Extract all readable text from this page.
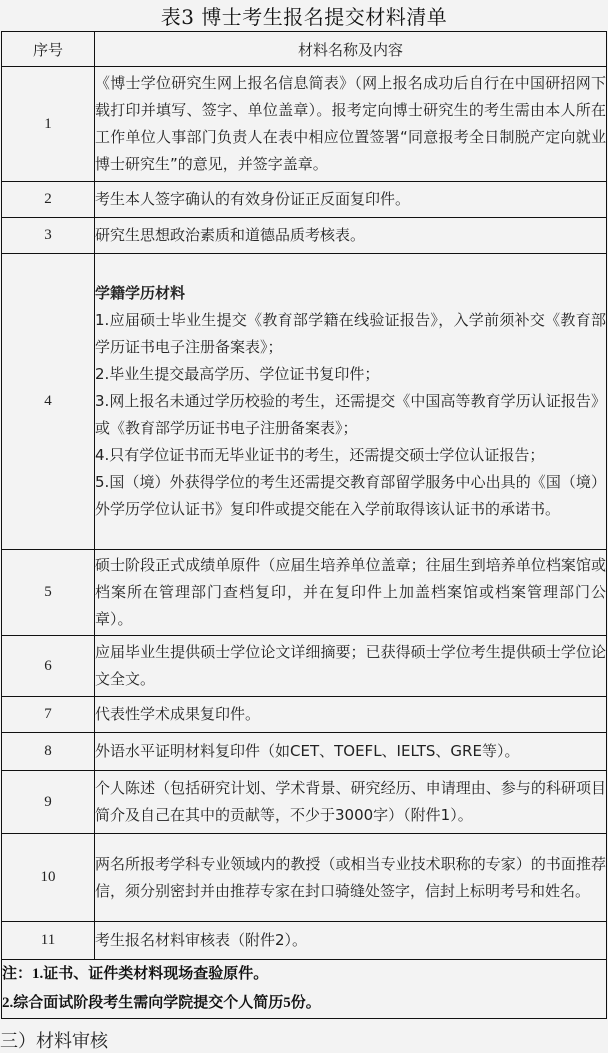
表3 博士考生报名提交材料清单
序号	材料名称及内容
1	《博士学位研究生网上报名信息简表》（网上报名成功后自行在中国研招网下载打印并填写、签字、单位盖章）。报考定向博士研究生的考生需由本人所在工作单位人事部门负责人在表中相应位置签署“同意报考全日制脱产定向就业博士研究生”的意见，并签字盖章。

2	考生本人签字确认的有效身份证正反面复印件。

3	研究生思想政治素质和道德品质考核表。

4	
学籍学历材料
1.应届硕士毕业生提交《教育部学籍在线验证报告》，入学前须补交《教育部学历证书电子注册备案表》；
2.毕业生提交最高学历、学位证书复印件；
3.网上报名未通过学历校验的考生，还需提交《中国高等教育学历认证报告》或《教育部学历证书电子注册备案表》；
4.只有学位证书而无毕业证书的考生，还需提交硕士学位认证报告；
5.国（境）外获得学位的考生还需提交教育部留学服务中心出具的《国（境）外学历学位认证书》复印件或提交能在入学前取得该认证书的承诺书。

5	硕士阶段正式成绩单原件（应届生培养单位盖章；往届生到培养单位档案馆或档案所在管理部门查档复印，并在复印件上加盖档案馆或档案管理部门公章）。

6	应届毕业生提供硕士学位论文详细摘要；已获得硕士学位考生提供硕士学位论文全文。

7	代表性学术成果复印件。

8	外语水平证明材料复印件（如CET、TOEFL、IELTS、GRE等）。

9	个人陈述（包括研究计划、学术背景、研究经历、申请理由、参与的科研项目简介及自己在其中的贡献等，不少于3000字）（附件1）。

10	两名所报考学科专业领域内的教授（或相当专业技术职称的专家）的书面推荐信，须分别密封并由推荐专家在封口骑缝处签字，信封上标明考号和姓名。

11	考生报名材料审核表（附件2）。

注：1.证书、证件类材料现场查验原件。
2.综合面试阶段考生需向学院提交个人简历5份。	
三）材料审核
